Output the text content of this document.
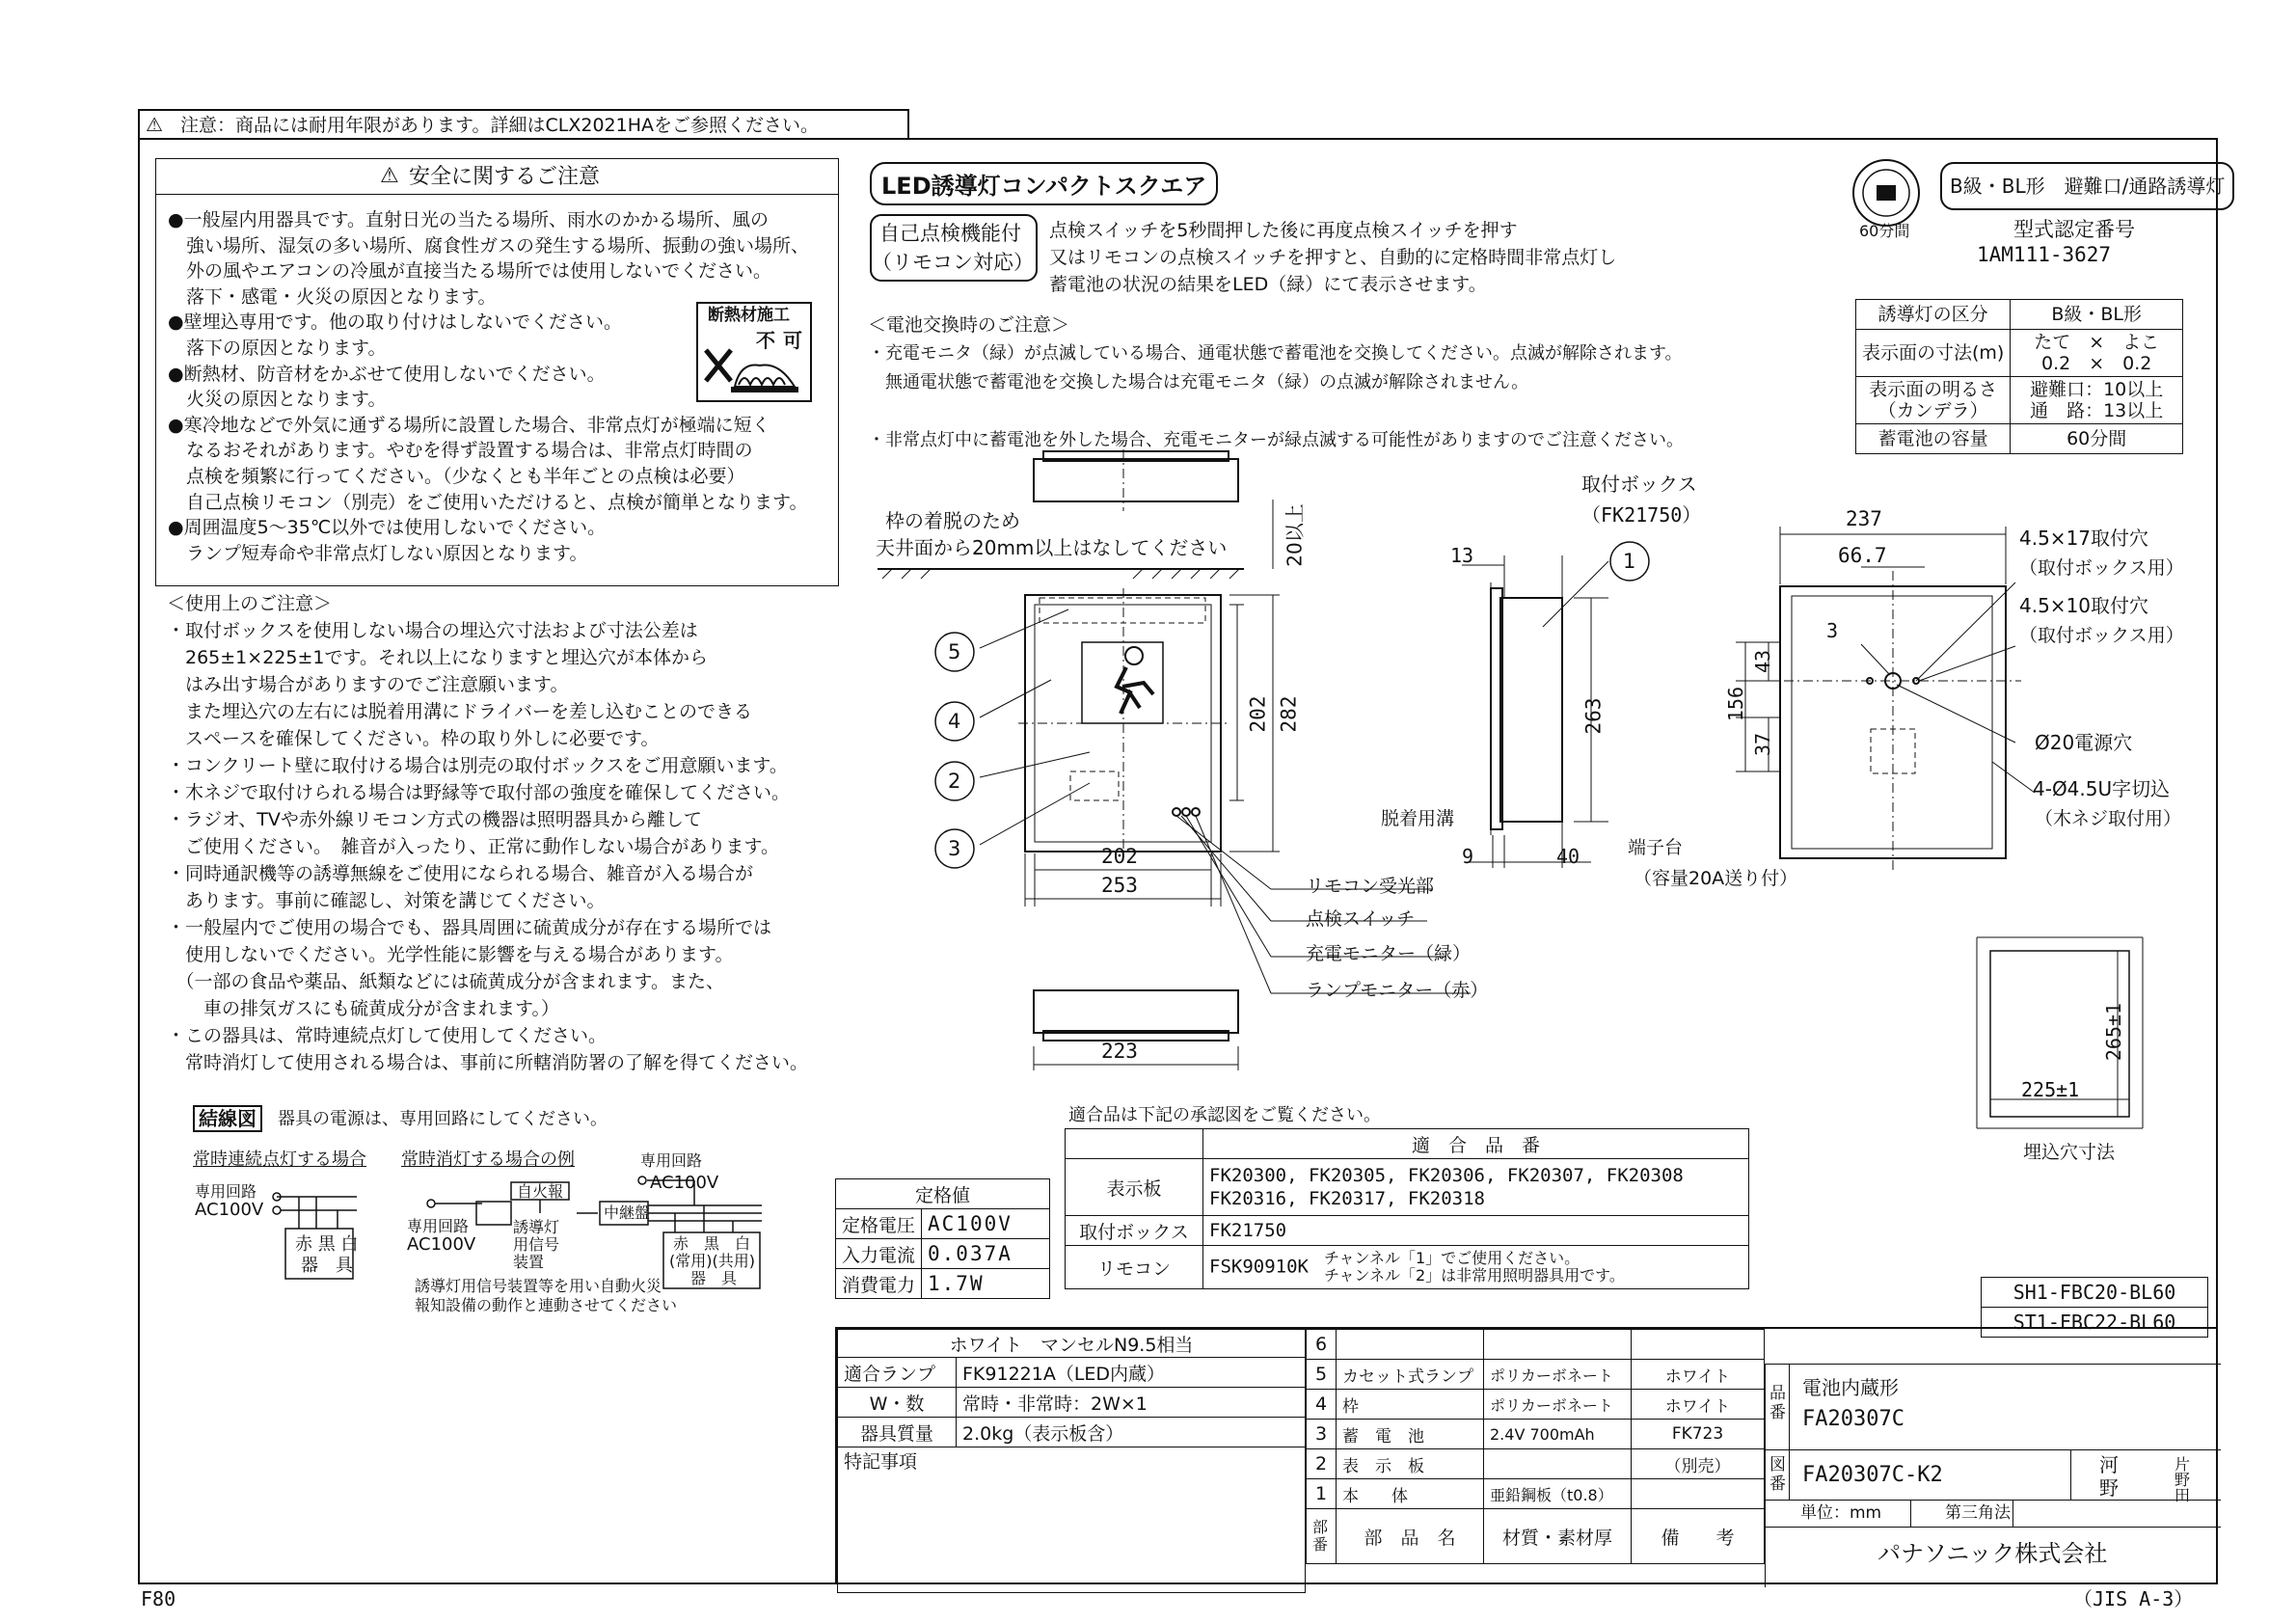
⚠ 注意：商品には耐用年限があります。詳細はCLX2021HAをご参照ください。
⚠ 安全に関するご注意
●一般屋内用器具です。直射日光の当たる場所、雨水のかかる場所、風の
　強い場所、湿気の多い場所、腐食性ガスの発生する場所、振動の強い場所、
　外の風やエアコンの冷風が直接当たる場所では使用しないでください。
　落下・感電・火災の原因となります。
●壁埋込専用です。他の取り付けはしないでください。
　落下の原因となります。
●断熱材、防音材をかぶせて使用しないでください。
　火災の原因となります。
●寒冷地などで外気に通ずる場所に設置した場合、非常点灯が極端に短く
　なるおそれがあります。やむを得ず設置する場合は、非常点灯時間の
　点検を頻繁に行ってください。（少なくとも半年ごとの点検は必要）
　自己点検リモコン（別売）をご使用いただけると、点検が簡単となります。
●周囲温度5〜35℃以外では使用しないでください。
　ランプ短寿命や非常点灯しない原因となります。
断熱材施工
不可
＜使用上のご注意＞
・取付ボックスを使用しない場合の埋込穴寸法および寸法公差は
　265±1×225±1です。それ以上になりますと埋込穴が本体から
　はみ出す場合がありますのでご注意願います。
　また埋込穴の左右には脱着用溝にドライバーを差し込むことのできる
　スペースを確保してください。枠の取り外しに必要です。
・コンクリート壁に取付ける場合は別売の取付ボックスをご用意願います。
・木ネジで取付けられる場合は野縁等で取付部の強度を確保してください。
・ラジオ、TVや赤外線リモコン方式の機器は照明器具から離して
　ご使用ください。　雑音が入ったり、正常に動作しない場合があります。
・同時通訳機等の誘導無線をご使用になられる場合、雑音が入る場合が
　あります。事前に確認し、対策を講じてください。
・一般屋内でご使用の場合でも、器具周囲に硫黄成分が存在する場所では
　使用しないでください。光学性能に影響を与える場合があります。
　（一部の食品や薬品、紙類などには硫黄成分が含まれます。また、
　　車の排気ガスにも硫黄成分が含まれます。）
・この器具は、常時連続点灯して使用してください。
　常時消灯して使用される場合は、事前に所轄消防署の了解を得てください。
結線図	器具の電源は、専用回路にしてください。
常時連続点灯する場合 常時消灯する場合の例
専用回路
AC100V
赤 黒 白
器　具
専用回路
AC100V
専用回路
AC100V
自火報
誘導灯用信号装置
中継盤
赤　黒　白
(常用)(共用)
器　具
誘導灯用信号装置等を用い自動火災
報知設備の動作と連動させてください
LED誘導灯コンパクトスクエア
自己点検機能付
（リモコン対応）
点検スイッチを5秒間押した後に再度点検スイッチを押す
又はリモコンの点検スイッチを押すと、自動的に定格時間非常点灯し
蓄電池の状況の結果をLED（緑）にて表示させます。
＜電池交換時のご注意＞
・充電モニタ（緑）が点滅している場合、通電状態で蓄電池を交換してください。点滅が解除されます。
　無通電状態で蓄電池を交換した場合は充電モニタ（緑）の点滅が解除されません。
・非常点灯中に蓄電池を外した場合、充電モニターが緑点滅する可能性がありますのでご注意ください。
60分間
B級・BL形　避難口/通路誘導灯
型式認定番号
1AM111-3627
誘導灯の区分	B級・BL形
表示面の寸法(m)	たて　×　よこ
0.2　×　0.2
表示面の明るさ
（カンデラ）	避難口：10以上
通　路：13以上
蓄電池の容量	60分間
枠の着脱のため
天井面から20mm以上はなしてください	20以上
202 282
202
253
223
リモコン受光部
点検スイッチ
充電モニター（緑）
ランプモニター（赤）
5
4
2
3
1
取付ボックス
（FK21750）
13
263
脱着用溝
9	40	端子台
（容量20A送り付）
237
66.7
4.5×17取付穴
（取付ボックス用）
4.5×10取付穴
（取付ボックス用）
3
43
156
37	Ø20電源穴
4-Ø4.5U字切込
（木ネジ取付用）
265±1
225±1
埋込穴寸法
適合品は下記の承認図をご覧ください。
	適　合　品　番
表示板	FK20300, FK20305, FK20306, FK20307, FK20308
FK20316, FK20317, FK20318
取付ボックス	FK21750
リモコン	FSK90910K チャンネル「1」でご使用ください。
チャンネル「2」は非常用照明器具用です。
定格値	
定格電圧	AC100V
入力電流	0.037A
消費電力	1.7W	SH1-FBC20-BL60
ST1-FBC22-BL60
ホワイト　マンセルN9.5相当	
適合ランプ	FK91221A（LED内蔵）
W・数	常時・非常時：2W×1
器具質量	2.0kg（表示板含）
特記事項	
6			
5	カセット式ランプ	ポリカーボネート	ホワイト
4	枠	ポリカーボネート	ホワイト
3	蓄　電　池	2.4V 700mAh	FK723
2	表　示　板		（別売）
1	本　　体	亜鉛鋼板（t0.8）	
部番	部　品　名	材質・素材厚	備　　考
品番
電池内蔵形
FA20307C
図番 FA20307C-K2	河
野
片
野
田
単位：mm	第三角法
パナソニック株式会社
F80	（JIS A-3）
